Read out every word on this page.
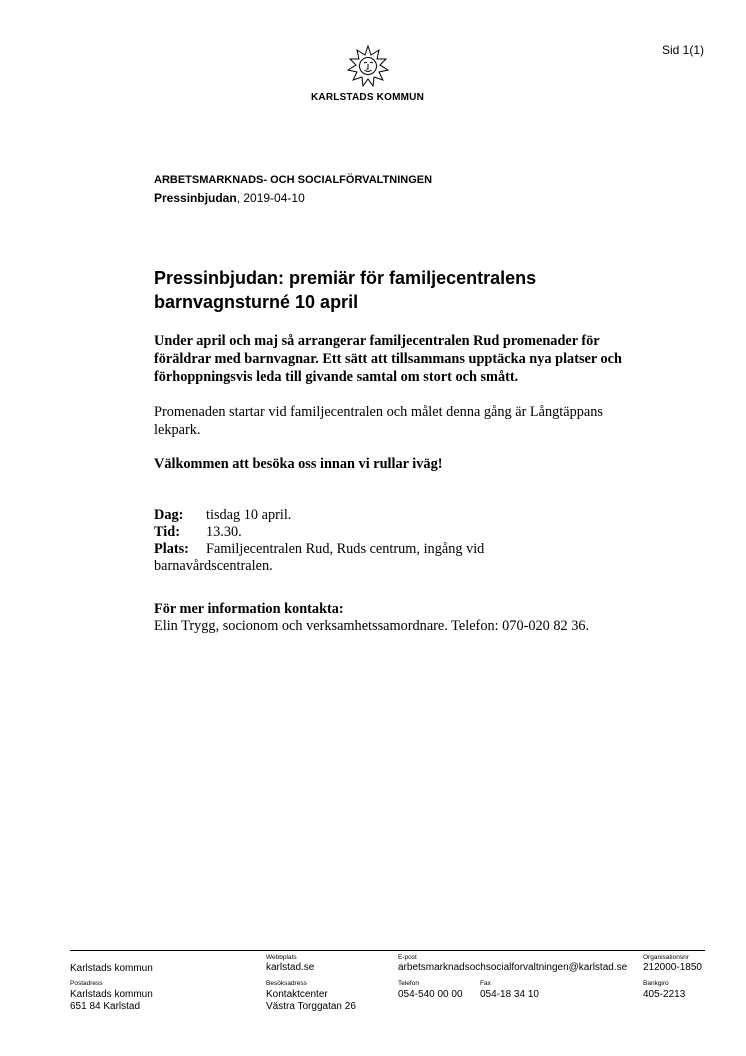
Sid 1(1)
KARLSTADS KOMMUN
ARBETSMARKNADS- OCH SOCIALFÖRVALTNINGEN
Pressinbjudan, 2019-04-10
Pressinbjudan: premiär för familjecentralens
barnvagnsturné 10 april
Under april och maj så arrangerar familjecentralen Rud promenader för föräldrar med barnvagnar. Ett sätt att tillsammans upptäcka nya platser och förhoppningsvis leda till givande samtal om stort och smått.
Promenaden startar vid familjecentralen och målet denna gång är Långtäppans lekpark.
Välkommen att besöka oss innan vi rullar iväg!
Dag:	tisdag 10 april.
Tid:	13.30.
Plats:	Familjecentralen Rud, Ruds centrum, ingång vid
barnavårdscentralen.
För mer information kontakta:
Elin Trygg, socionom och verksamhetssamordnare. Telefon: 070-020 82 36.
Karlstads kommun
Webbplats
karlstad.se
E-post
arbetsmarknadsochsocialforvaltningen@karlstad.se
Organisationsnr
212000-1850
Postadress
Karlstads kommun
651 84 Karlstad
Besöksadress
Kontaktcenter
Västra Torggatan 26
Telefon
054-540 00 00
Fax
054-18 34 10
Bankgiro
405-2213
